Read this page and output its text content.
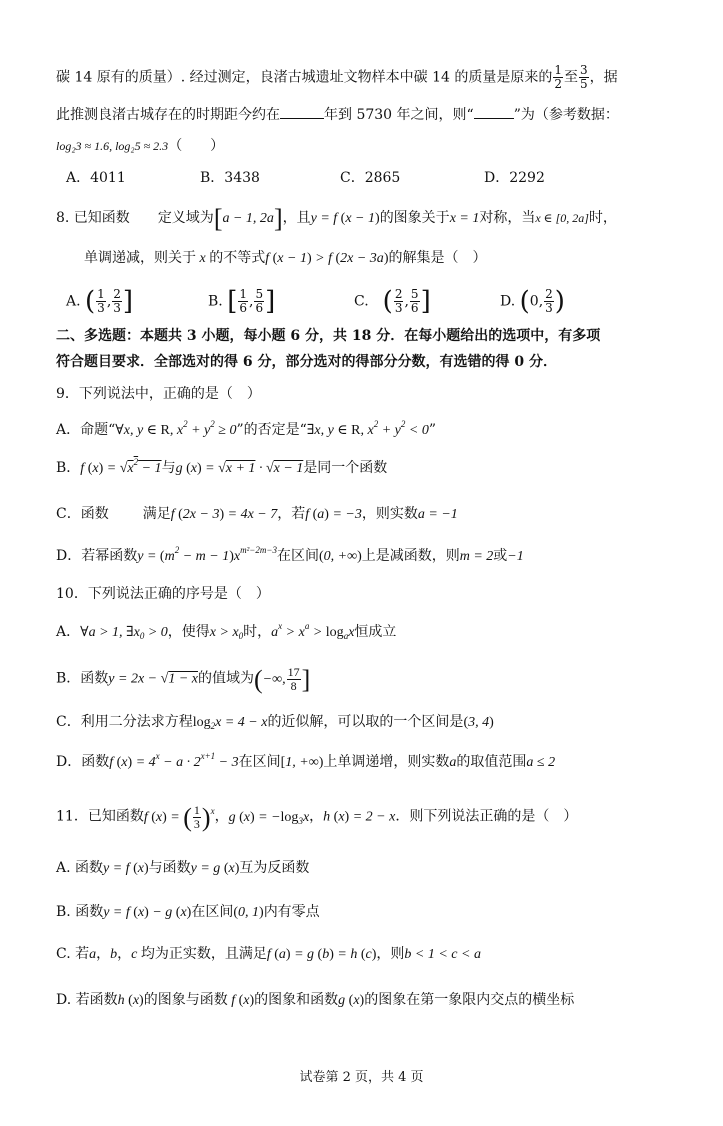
碳 14 原有的质量）. 经过测定，良渚古城遗址文物样本中碳 14 的质量是原来的 $\frac{1}{2}$ 至 $\frac{3}{5}$ ，据
此推测良渚古城存在的时期距今约在	年到 5730 年之间，则“	”为（参考数据：
log₂3 ≈ 1.6, log₂5 ≈ 2.3（　　）
A．4011	B．3438	C．2865	D．2292
8. 已知函数 定义域为[a − 1, 2a]，且y = f (x − 1)的图象关于x = 1对称，当x ∈ [0, 2a]时，
单调递减，则关于 x 的不等式f (x − 1) > f (2x − 3a)的解集是（　）
A. ( $\frac{1}{3}$ , $\frac{2}{3}$ ]	B. [ $\frac{1}{6}$ , $\frac{5}{6}$ ]	C.　 ( $\frac{2}{3}$ , $\frac{5}{6}$ ]	D. (0, $\frac{2}{3}$ )
二、多选题：本题共 3 小题，每小题 6 分，共 18 分．在每小题给出的选项中，有多项
符合题目要求．全部选对的得 6 分，部分选对的得部分分数，有选错的得 0 分．
9．下列说法中，正确的是（　）
A．命题“∀x, y ∈ R, $x^2 + y^2 \ge 0$”的否定是“∃x, y ∈ R, $x^2 + y^2 < 0$”
B．f $(x) = √x^2 - 1$与g (x) = √x + 1 · √x − 1是同一个函数
C．函数 满足f (2x − 3) = 4x − 7，若f (a) = −3，则实数a = −1
D．若幂函数$y = (m^2 - m - 1)x^{m^2-2m-3}$在区间(0, +∞)上是减函数，则m = 2或−1
10．下列说法正确的序号是（　）
A．∀a > 1, $\exists x_0 > 0$，使得$x > x_0$时，$a^x > x^a > \log_ax$恒成立
B．函数y = 2x − √1 − x的值域为(−∞, $\frac{17}{8}$ ]
C．利用二分法求方程$\log_2x = 4 - x$的近似解，可以取的一个区间是(3, 4)
D．函数f $(x) = 4^x - a \cdot 2^{x+1} - 3$在区间[1, +∞)上单调递增，则实数a的取值范围a ≤ 2
11．已知函数f (x) = ( $\frac{1}{3} )^x$，g $(x) = -\log_3x$，h (x) = 2 − x．则下列说法正确的是（　）
A. 函数y = f (x)与函数y = g (x)互为反函数
B. 函数y = f (x) − g (x)在区间(0, 1)内有零点
C. 若a，b，c 均为正实数，且满足f (a) = g (b) = h (c)，则b < 1 < c < a
D. 若函数h (x)的图象与函数 f (x)的图象和函数g (x)的图象在第一象限内交点的横坐标
试卷第 2 页，共 4 页
